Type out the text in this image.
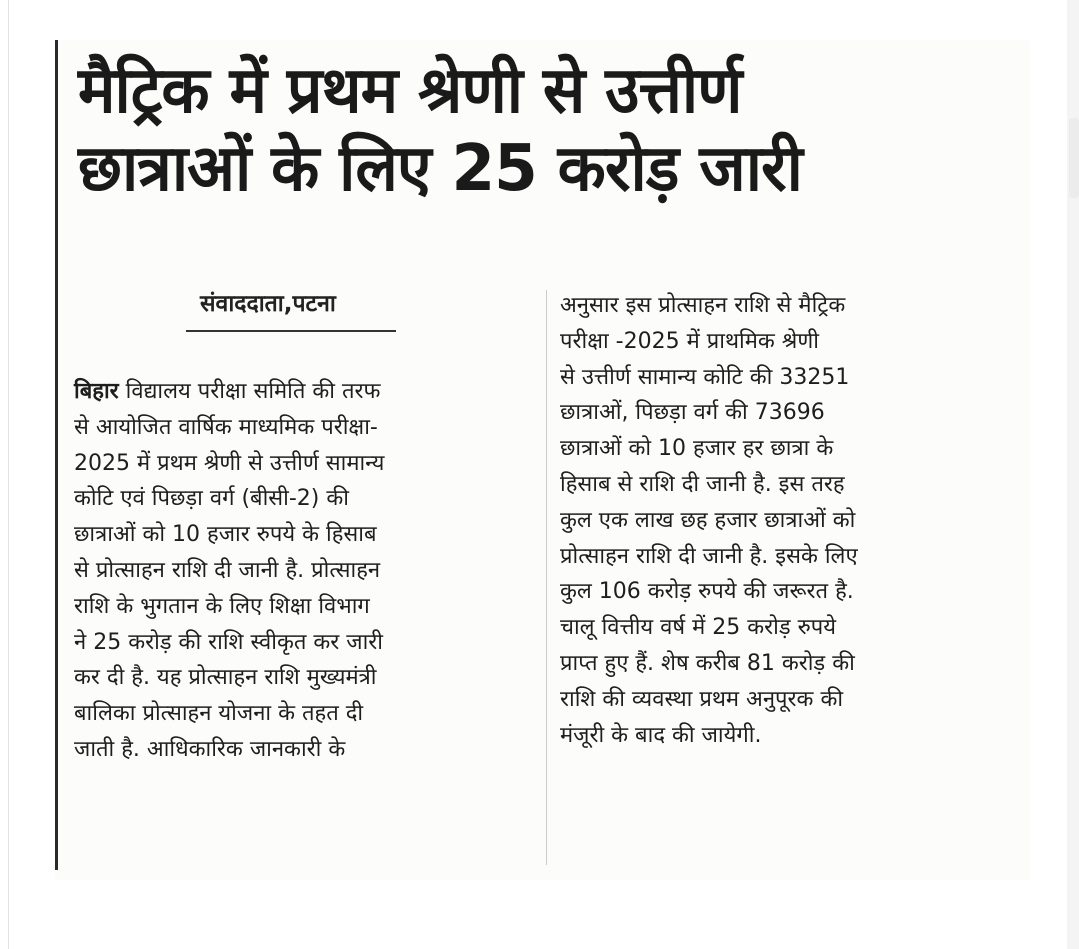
मैट्रिक में प्रथम श्रेणी से उत्तीर्ण
छात्राओं के लिए 25 करोड़ जारी
संवाददाता,पटना
बिहार विद्यालय परीक्षा समिति की तरफ
से आयोजित वार्षिक माध्यमिक परीक्षा-
2025 में प्रथम श्रेणी से उत्तीर्ण सामान्य
कोटि एवं पिछड़ा वर्ग (बीसी-2) की
छात्राओं को 10 हजार रुपये के हिसाब
से प्रोत्साहन राशि दी जानी है. प्रोत्साहन
राशि के भुगतान के लिए शिक्षा विभाग
ने 25 करोड़ की राशि स्वीकृत कर जारी
कर दी है. यह प्रोत्साहन राशि मुख्यमंत्री
बालिका प्रोत्साहन योजना के तहत दी
जाती है. आधिकारिक जानकारी के
अनुसार इस प्रोत्साहन राशि से मैट्रिक
परीक्षा -2025 में प्राथमिक श्रेणी
से उत्तीर्ण सामान्य कोटि की 33251
छात्राओं, पिछड़ा वर्ग की 73696
छात्राओं को 10 हजार हर छात्रा के
हिसाब से राशि दी जानी है. इस तरह
कुल एक लाख छह हजार छात्राओं को
प्रोत्साहन राशि दी जानी है. इसके लिए
कुल 106 करोड़ रुपये की जरूरत है.
चालू वित्तीय वर्ष में 25 करोड़ रुपये
प्राप्त हुए हैं. शेष करीब 81 करोड़ की
राशि की व्यवस्था प्रथम अनुपूरक की
मंजूरी के बाद की जायेगी.
